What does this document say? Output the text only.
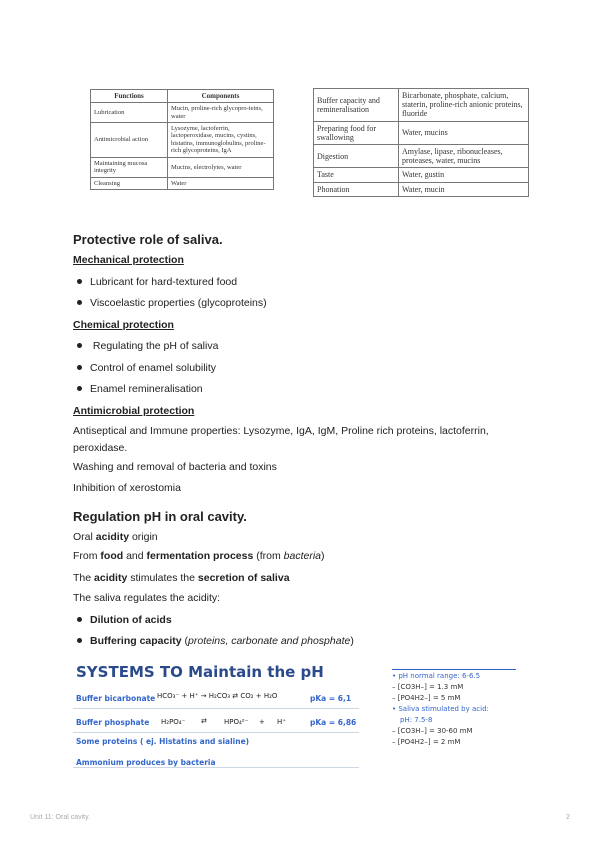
Functions	Components
Lubrication	Mucin, proline-rich glycopro-teins, water
Antimicrobial action	Lysozyme, lactoferrin, lactoperoxidase, mucins, cystins, histatins, immunoglobulins, proline-rich glycoproteins, IgA
Maintaining mucosa integrity	Mucins, electrolytes, water
Cleansing	Water
Buffer capacity and remineralisation	Bicarbonate, phosphate, calcium, staterin, proline-rich anionic proteins, fluoride
Preparing food for swallowing	Water, mucins
Digestion	Amylase, lipase, ribonucleases, proteases, water, mucins
Taste	Water, gustin
Phonation	Water, mucin
Protective role of saliva.
Mechanical protection
Lubricant for hard-textured food
Viscoelastic properties (glycoproteins)
Chemical protection
Regulating the pH of saliva
Control of enamel solubility
Enamel remineralisation
Antimicrobial protection
Antiseptical and Immune properties: Lysozyme, IgA, IgM, Proline rich proteins, lactoferrin, peroxidase.
Washing and removal of bacteria and toxins
Inhibition of xerostomia
Regulation pH in oral cavity.
Oral acidity origin
From food and fermentation process (from bacteria)
The acidity stimulates the secretion of saliva
The saliva regulates the acidity:
Dilution of acids
Buffering capacity (proteins, carbonate and phosphate)
SYSTEMS TO Maintain the pH
Buffer bicarbonate HCO₃⁻ + H⁺ → H₂CO₃ ⇄ CO₂ + H₂O	pKa = 6,1
Buffer phosphate H₂PO₄⁻ ⇄ HPO₄²⁻ + H⁺	pKa = 6,86
Some proteins ( ej. Histatins and sialine)
Ammonium produces by bacteria
• pH normal range: 6-6.5
– [CO3H–] = 1.3 mM
– [PO4H2–] = 5 mM
• Saliva stimulated by acid:
pH: 7.5-8
– [CO3H–] = 30-60 mM
– [PO4H2–] = 2 mM
Unit 11: Oral cavity.	2
